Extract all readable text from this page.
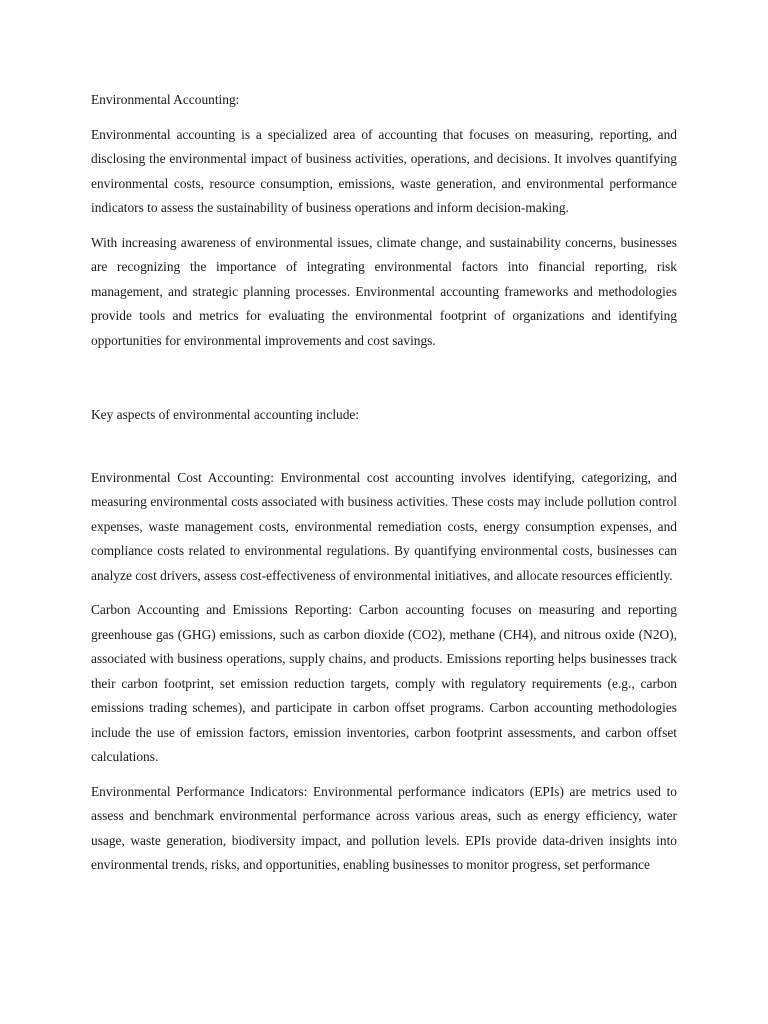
Environmental Accounting:

Environmental accounting is a specialized area of accounting that focuses on measuring, reporting, and disclosing the environmental impact of business activities, operations, and decisions. It involves quantifying environmental costs, resource consumption, emissions, waste generation, and environmental performance indicators to assess the sustainability of business operations and inform decision-making.

With increasing awareness of environmental issues, climate change, and sustainability concerns, businesses are recognizing the importance of integrating environmental factors into financial reporting, risk management, and strategic planning processes. Environmental accounting frameworks and methodologies provide tools and metrics for evaluating the environmental footprint of organizations and identifying opportunities for environmental improvements and cost savings.

Key aspects of environmental accounting include:

Environmental Cost Accounting: Environmental cost accounting involves identifying, categorizing, and measuring environmental costs associated with business activities. These costs may include pollution control expenses, waste management costs, environmental remediation costs, energy consumption expenses, and compliance costs related to environmental regulations. By quantifying environmental costs, businesses can analyze cost drivers, assess cost-effectiveness of environmental initiatives, and allocate resources efficiently.

Carbon Accounting and Emissions Reporting: Carbon accounting focuses on measuring and reporting greenhouse gas (GHG) emissions, such as carbon dioxide (CO2), methane (CH4), and nitrous oxide (N2O), associated with business operations, supply chains, and products. Emissions reporting helps businesses track their carbon footprint, set emission reduction targets, comply with regulatory requirements (e.g., carbon emissions trading schemes), and participate in carbon offset programs. Carbon accounting methodologies include the use of emission factors, emission inventories, carbon footprint assessments, and carbon offset calculations.

Environmental Performance Indicators: Environmental performance indicators (EPIs) are metrics used to assess and benchmark environmental performance across various areas, such as energy efficiency, water usage, waste generation, biodiversity impact, and pollution levels. EPIs provide data-driven insights into environmental trends, risks, and opportunities, enabling businesses to monitor progress, set performance
